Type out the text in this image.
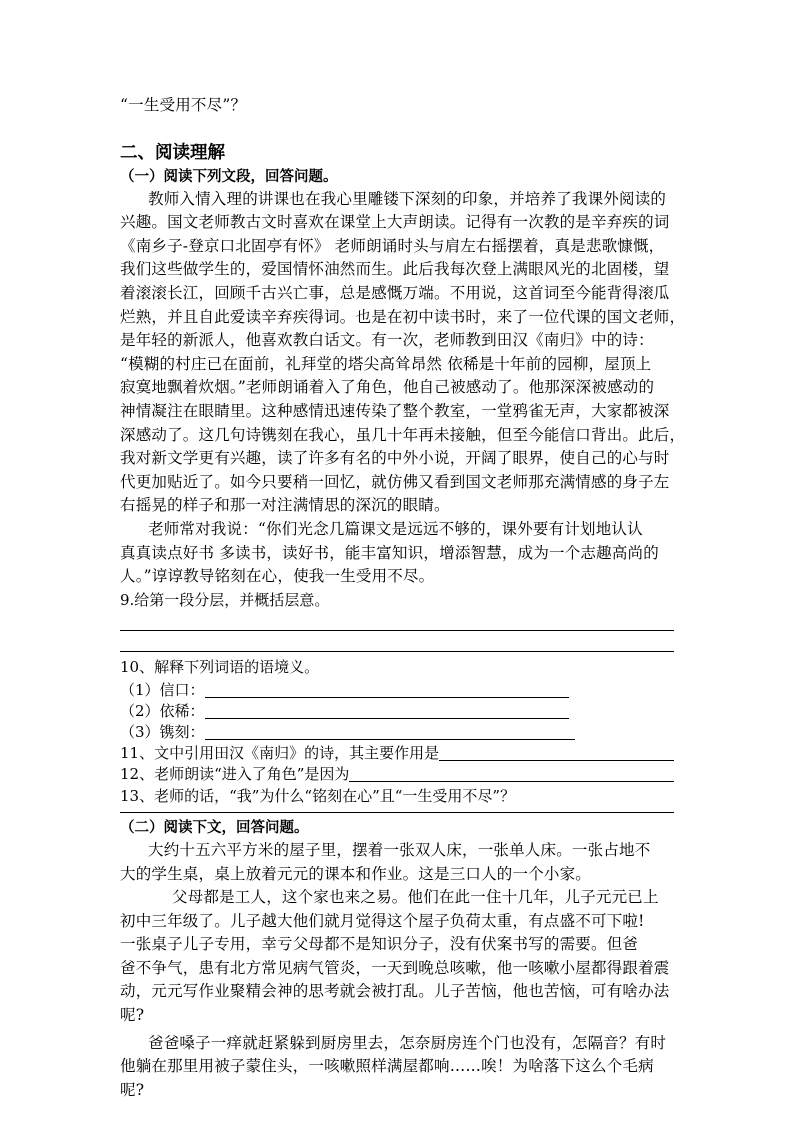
“一生受用不尽”？
二、阅读理解
（一）阅读下列文段，回答问题。
教师入情入理的讲课也在我心里雕镂下深刻的印象，并培养了我课外阅读的
兴趣。国文老师教古文时喜欢在课堂上大声朗读。记得有一次教的是辛弃疾的词
《南乡子-登京口北固亭有怀》 老师朗诵时头与肩左右摇摆着，真是悲歌慷慨，
我们这些做学生的，爱国情怀油然而生。此后我每次登上满眼风光的北固楼，望
着滚滚长江，回顾千古兴亡事，总是感慨万端。不用说，这首词至今能背得滚瓜
烂熟，并且自此爱读辛弃疾得词。也是在初中读书时，来了一位代课的国文老师，
是年轻的新派人，他喜欢教白话文。有一次，老师教到田汉《南归》中的诗：
“模糊的村庄已在面前，礼拜堂的塔尖高耸昂然 依稀是十年前的园柳，屋顶上
寂寞地飘着炊烟。”老师朗诵着入了角色，他自己被感动了。他那深深被感动的
神情凝注在眼睛里。这种感情迅速传染了整个教室，一堂鸦雀无声，大家都被深
深感动了。这几句诗镌刻在我心，虽几十年再未接触，但至今能信口背出。此后，
我对新文学更有兴趣，读了许多有名的中外小说，开阔了眼界，使自己的心与时
代更加贴近了。如今只要稍一回忆，就仿佛又看到国文老师那充满情感的身子左
右摇晃的样子和那一对注满情思的深沉的眼睛。
老师常对我说：“你们光念几篇课文是远远不够的，课外要有计划地认认
真真读点好书 多读书，读好书，能丰富知识，增添智慧，成为一个志趣高尚的
人。”谆谆教导铭刻在心，使我一生受用不尽。
9.给第一段分层，并概括层意。
10、解释下列词语的语境义。
（1）信口：
（2）依稀：
（3）镌刻：
11、文中引用田汉《南归》的诗，其主要作用是
12、老师朗读“进入了角色”是因为
13、老师的话，“我”为什么“铭刻在心”且“一生受用不尽”？
（二）阅读下文，回答问题。
大约十五六平方米的屋子里，摆着一张双人床，一张单人床。一张占地不
大的学生桌，桌上放着元元的课本和作业。这是三口人的一个小家。
父母都是工人，这个家也来之易。他们在此一住十几年，儿子元元已上
初中三年级了。儿子越大他们就月觉得这个屋子负荷太重，有点盛不可下啦!
一张桌子儿子专用，幸亏父母都不是知识分子，没有伏案书写的需要。但爸
爸不争气，患有北方常见病气管炎，一天到晚总咳嗽，他一咳嗽小屋都得跟着震
动，元元写作业聚精会神的思考就会被打乱。儿子苦恼，他也苦恼，可有啥办法
呢?
爸爸嗓子一痒就赶紧躲到厨房里去，怎奈厨房连个门也没有，怎隔音？有时
他躺在那里用被子蒙住头，一咳嗽照样满屋都响……唉！为啥落下这么个毛病
呢?
